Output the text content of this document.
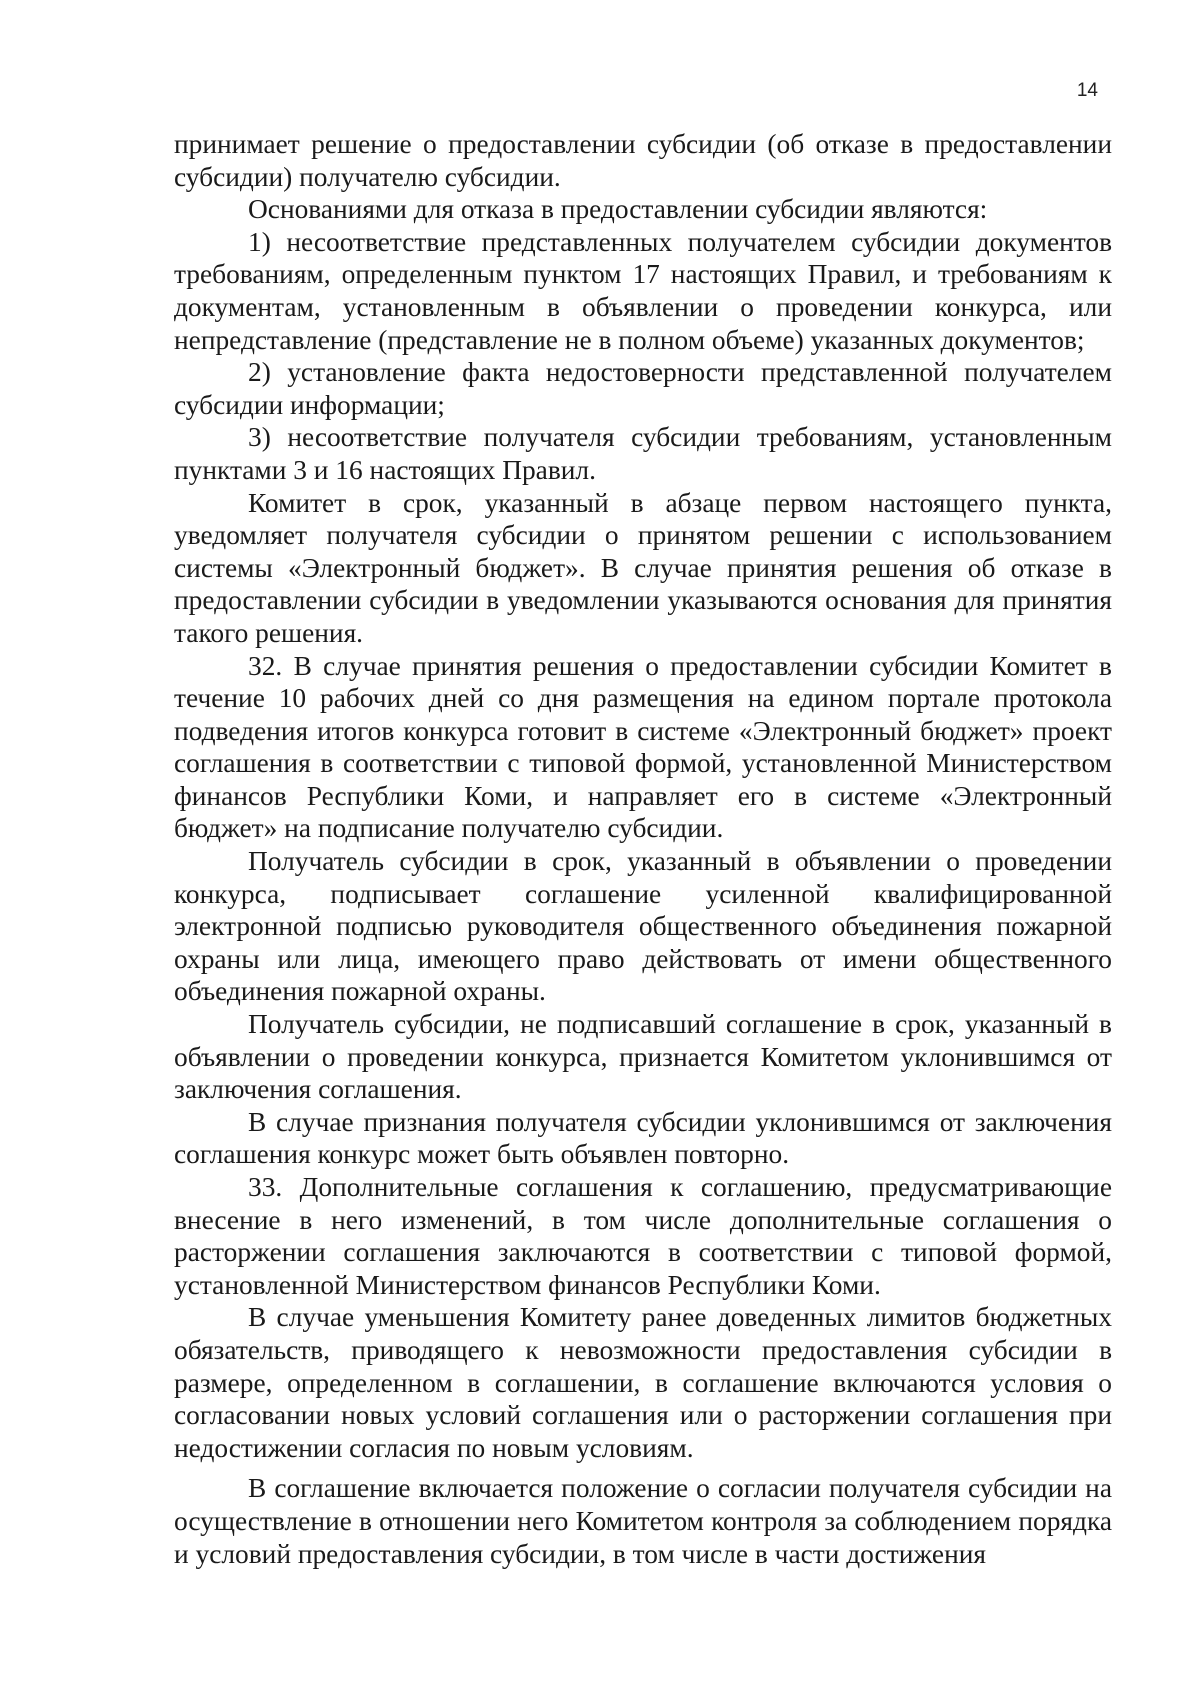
14

принимает решение о предоставлении субсидии (об отказе в предоставлении субсидии) получателю субсидии.

Основаниями для отказа в предоставлении субсидии являются:

1) несоответствие представленных получателем субсидии документов требованиям, определенным пунктом 17 настоящих Правил, и требованиям к документам, установленным в объявлении о проведении конкурса, или непредставление (представление не в полном объеме) указанных документов;

2) установление факта недостоверности представленной получателем субсидии информации;

3) несоответствие получателя субсидии требованиям, установленным пунктами 3 и 16 настоящих Правил.

Комитет в срок, указанный в абзаце первом настоящего пункта, уведомляет получателя субсидии о принятом решении с использованием системы «Электронный бюджет». В случае принятия решения об отказе в предоставлении субсидии в уведомлении указываются основания для принятия такого решения.

32. В случае принятия решения о предоставлении субсидии Комитет в течение 10 рабочих дней со дня размещения на едином портале протокола подведения итогов конкурса готовит в системе «Электронный бюджет» проект соглашения в соответствии с типовой формой, установленной Министерством финансов Республики Коми, и направляет его в системе «Электронный бюджет» на подписание получателю субсидии.

Получатель субсидии в срок, указанный в объявлении о проведении конкурса, подписывает соглашение усиленной квалифицированной электронной подписью руководителя общественного объединения пожарной охраны или лица, имеющего право действовать от имени общественного объединения пожарной охраны.

Получатель субсидии, не подписавший соглашение в срок, указанный в объявлении о проведении конкурса, признается Комитетом уклонившимся от заключения соглашения.

В случае признания получателя субсидии уклонившимся от заключения соглашения конкурс может быть объявлен повторно.

33. Дополнительные соглашения к соглашению, предусматривающие внесение в него изменений, в том числе дополнительные соглашения о расторжении соглашения заключаются в соответствии с типовой формой, установленной Министерством финансов Республики Коми.

В случае уменьшения Комитету ранее доведенных лимитов бюджетных обязательств, приводящего к невозможности предоставления субсидии в размере, определенном в соглашении, в соглашение включаются условия о согласовании новых условий соглашения или о расторжении соглашения при недостижении согласия по новым условиям.

В соглашение включается положение о согласии получателя субсидии на осуществление в отношении него Комитетом контроля за соблюдением порядка и условий предоставления субсидии, в том числе в части достижения
